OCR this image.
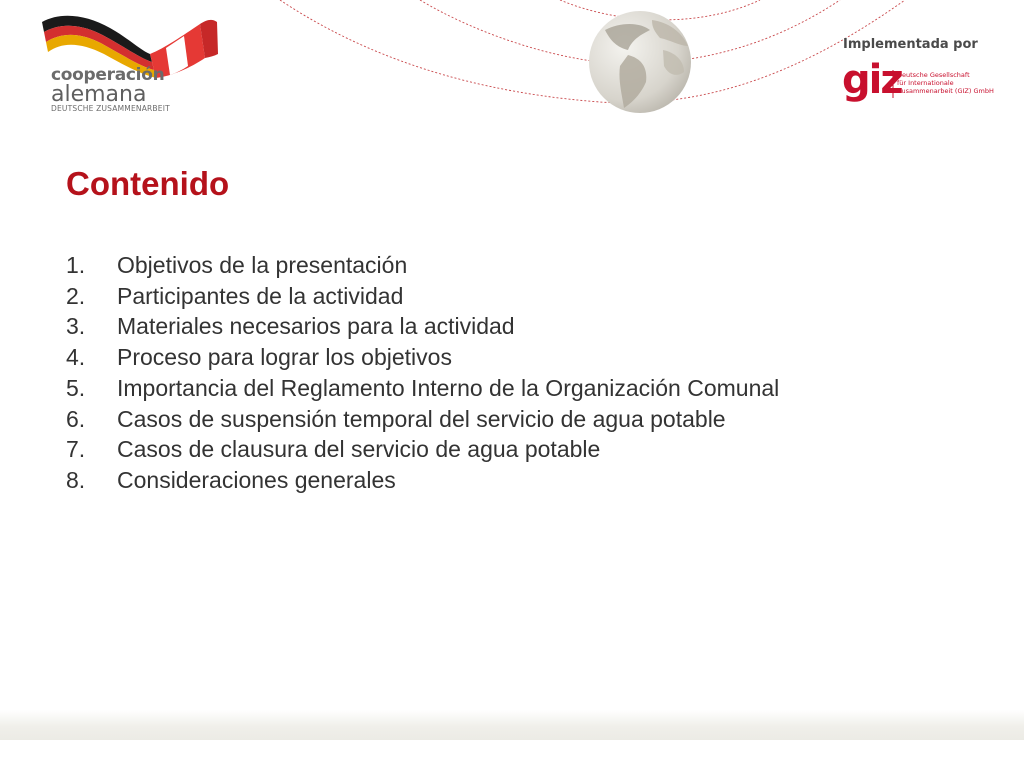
cooperación
alemana
DEUTSCHE ZUSAMMENARBEIT
Implementada por
giz
Deutsche Gesellschaft
für Internationale
Zusammenarbeit (GIZ) GmbH
Contenido
1.	Objetivos de la presentación
2.	Participantes de la actividad
3.	Materiales necesarios para la actividad
4.	Proceso para lograr los objetivos
5.	Importancia del Reglamento Interno de la Organización Comunal
6.	Casos de suspensión temporal del servicio de agua potable
7.	Casos de clausura del servicio de agua potable
8.	Consideraciones generales
